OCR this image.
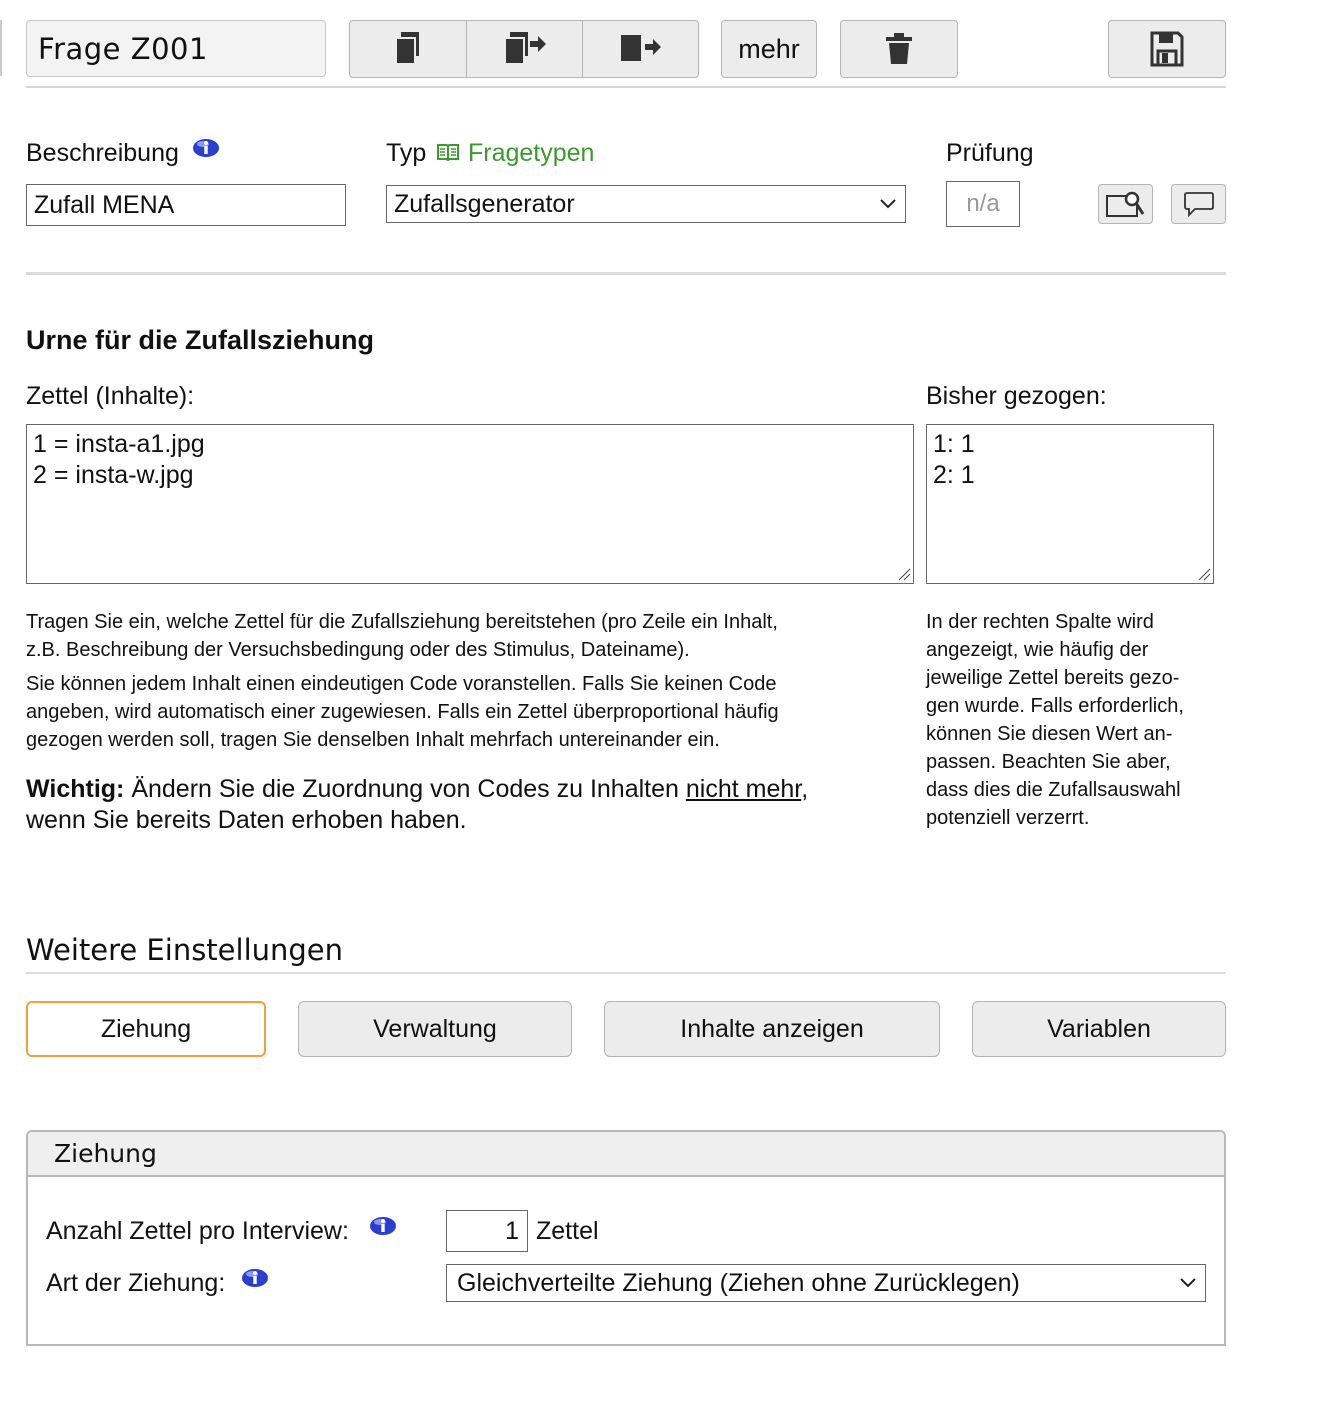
Frage Z001	mehr
Beschreibung
Zufall MENA
Typ Fragetypen
Zufallsgenerator
Prüfung
n/a
Urne für die Zufallsziehung
Zettel (Inhalte):
1 = insta-a1.jpg
2 = insta-w.jpg
Bisher gezogen:
1: 1
2: 1
Tragen Sie ein, welche Zettel für die Zufallsziehung bereitstehen (pro Zeile ein Inhalt,
z.B. Beschreibung der Versuchsbedingung oder des Stimulus, Dateiname).
Sie können jedem Inhalt einen eindeutigen Code voranstellen. Falls Sie keinen Code
angeben, wird automatisch einer zugewiesen. Falls ein Zettel überproportional häufig
gezogen werden soll, tragen Sie denselben Inhalt mehrfach untereinander ein.
Wichtig: Ändern Sie die Zuordnung von Codes zu Inhalten nicht mehr,
wenn Sie bereits Daten erhoben haben.
In der rechten Spalte wird
angezeigt, wie häufig der
jeweilige Zettel bereits gezo-
gen wurde. Falls erforderlich,
können Sie diesen Wert an-
passen. Beachten Sie aber,
dass dies die Zufallsauswahl
potenziell verzerrt.
Weitere Einstellungen
Ziehung	Verwaltung	Inhalte anzeigen	Variablen
Ziehung
Anzahl Zettel pro Interview:	1 Zettel
Art der Ziehung:	Gleichverteilte Ziehung (Ziehen ohne Zurücklegen)
